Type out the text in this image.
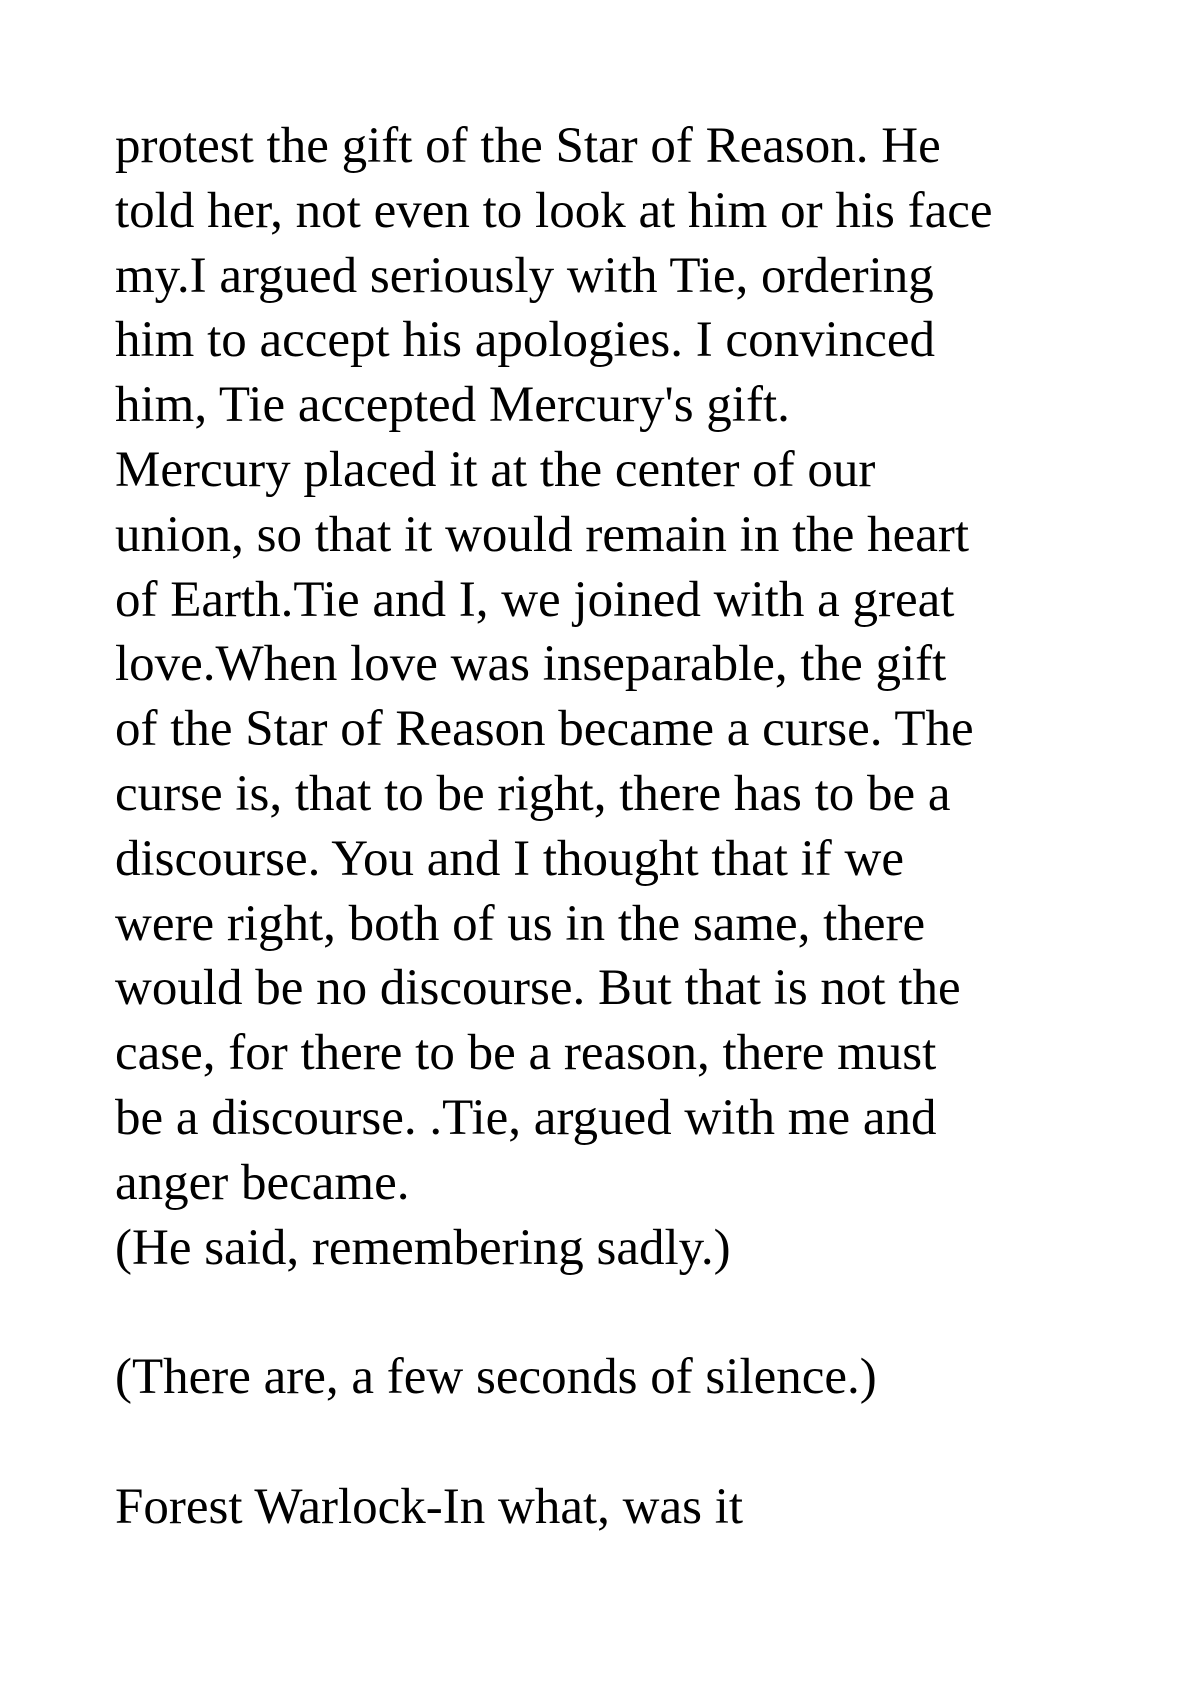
protest the gift of the Star of Reason. He
told her, not even to look at him or his face
my.I argued seriously with Tie, ordering
him to accept his apologies. I convinced
him, Tie accepted Mercury's gift.
Mercury placed it at the center of our
union, so that it would remain in the heart
of Earth.Tie and I, we joined with a great
love.When love was inseparable, the gift
of the Star of Reason became a curse. The
curse is, that to be right, there has to be a
discourse. You and I thought that if we
were right, both of us in the same, there
would be no discourse. But that is not the
case, for there to be a reason, there must
be a discourse. .Tie, argued with me and
anger became.
(He said, remembering sadly.)
(There are, a few seconds of silence.)
Forest Warlock-In what, was it
